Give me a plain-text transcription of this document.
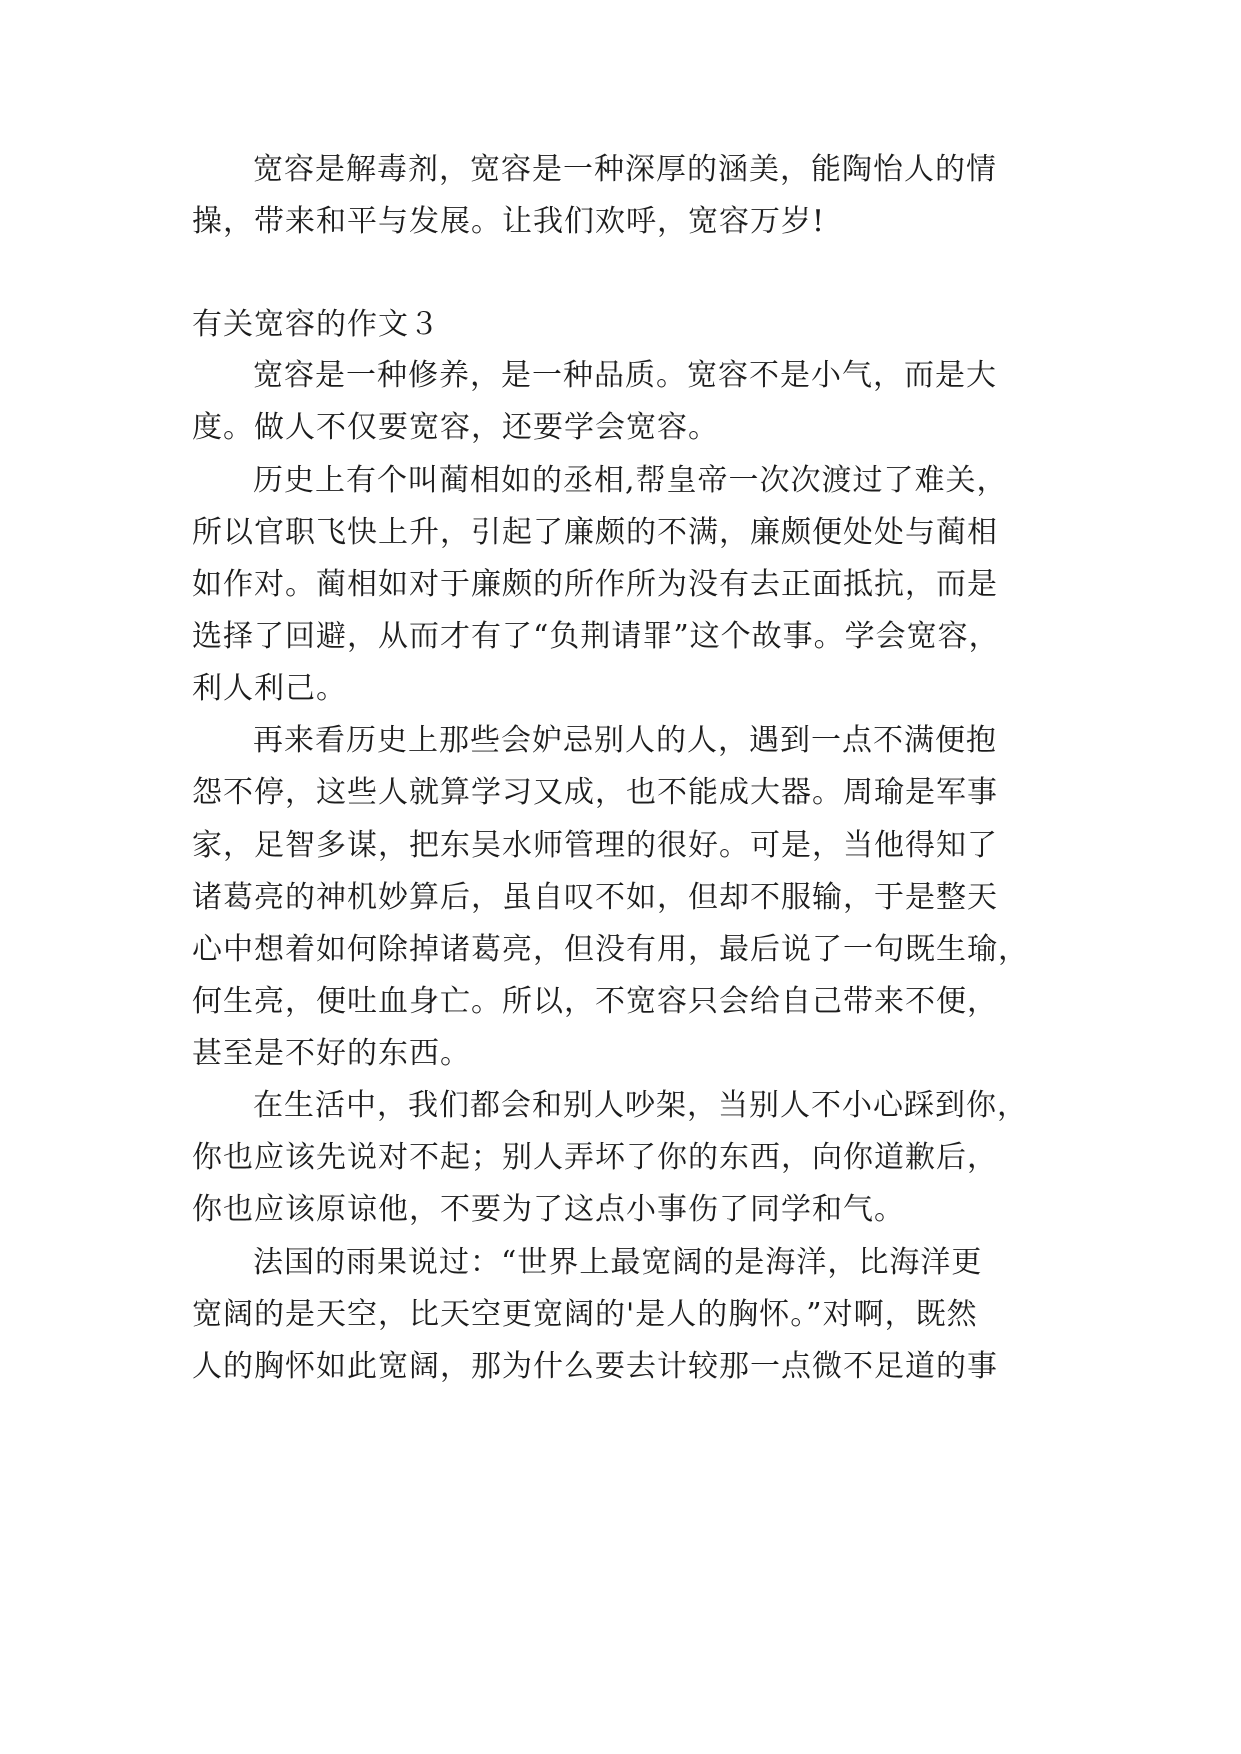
宽容是解毒剂，宽容是一种深厚的涵美，能陶怡人的情
操，带来和平与发展。让我们欢呼，宽容万岁!
有关宽容的作文３
宽容是一种修养，是一种品质。宽容不是小气，而是大
度。做人不仅要宽容，还要学会宽容。
历史上有个叫蔺相如的丞相,帮皇帝一次次渡过了难关，
所以官职飞快上升，引起了廉颇的不满，廉颇便处处与蔺相
如作对。蔺相如对于廉颇的所作所为没有去正面抵抗，而是
选择了回避，从而才有了“负荆请罪”这个故事。学会宽容，
利人利己。
再来看历史上那些会妒忌别人的人，遇到一点不满便抱
怨不停，这些人就算学习又成，也不能成大器。周瑜是军事
家，足智多谋，把东吴水师管理的很好。可是，当他得知了
诸葛亮的神机妙算后，虽自叹不如，但却不服输，于是整天
心中想着如何除掉诸葛亮，但没有用，最后说了一句既生瑜，
何生亮，便吐血身亡。所以，不宽容只会给自己带来不便，
甚至是不好的东西。
在生活中，我们都会和别人吵架，当别人不小心踩到你，
你也应该先说对不起；别人弄坏了你的东西，向你道歉后，
你也应该原谅他，不要为了这点小事伤了同学和气。
法国的雨果说过：“世界上最宽阔的是海洋，比海洋更
宽阔的是天空，比天空更宽阔的'是人的胸怀。”对啊，既然
人的胸怀如此宽阔，那为什么要去计较那一点微不足道的事
